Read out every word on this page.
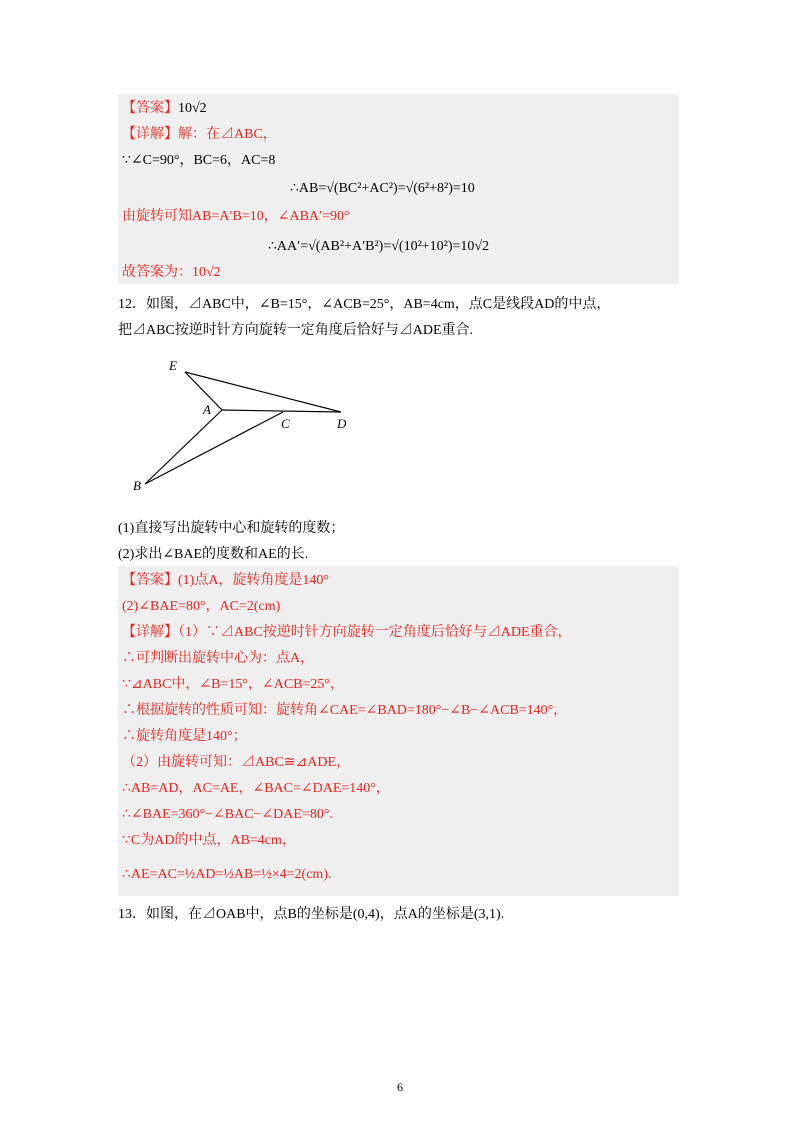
【答案】10√2
【详解】解：在⊿ABC，
∵∠C=90°，BC=6，AC=8
∴AB=√(BC²+AC²)=√(6²+8²)=10
由旋转可知AB=A′B=10，∠ABA′=90°
∴AA′=√(AB²+A′B²)=√(10²+10²)=10√2
故答案为：10√2
12．如图，⊿ABC中，∠B=15°，∠ACB=25°，AB=4cm，点C是线段AD的中点，
把⊿ABC按逆时针方向旋转一定角度后恰好与⊿ADE重合.
E
A
C	D
B
(1)直接写出旋转中心和旋转的度数；
(2)求出∠BAE的度数和AE的长.
【答案】(1)点A，旋转角度是140°
(2)∠BAE=80°，AC=2(cm)
【详解】（1）∵⊿ABC按逆时针方向旋转一定角度后恰好与⊿ADE重合，
∴可判断出旋转中心为：点A，
∵⊿ABC中，∠B=15°，∠ACB=25°，
∴根据旋转的性质可知：旋转角∠CAE=∠BAD=180°−∠B−∠ACB=140°，
∴旋转角度是140°；
（2）由旋转可知：⊿ABC≅⊿ADE，
∴AB=AD，AC=AE，∠BAC=∠DAE=140°，
∴∠BAE=360°−∠BAC−∠DAE=80°.
∵C为AD的中点，AB=4cm，
∴AE=AC=½AD=½AB=½×4=2(cm).
13．如图，在⊿OAB中，点B的坐标是(0,4)，点A的坐标是(3,1).
6
